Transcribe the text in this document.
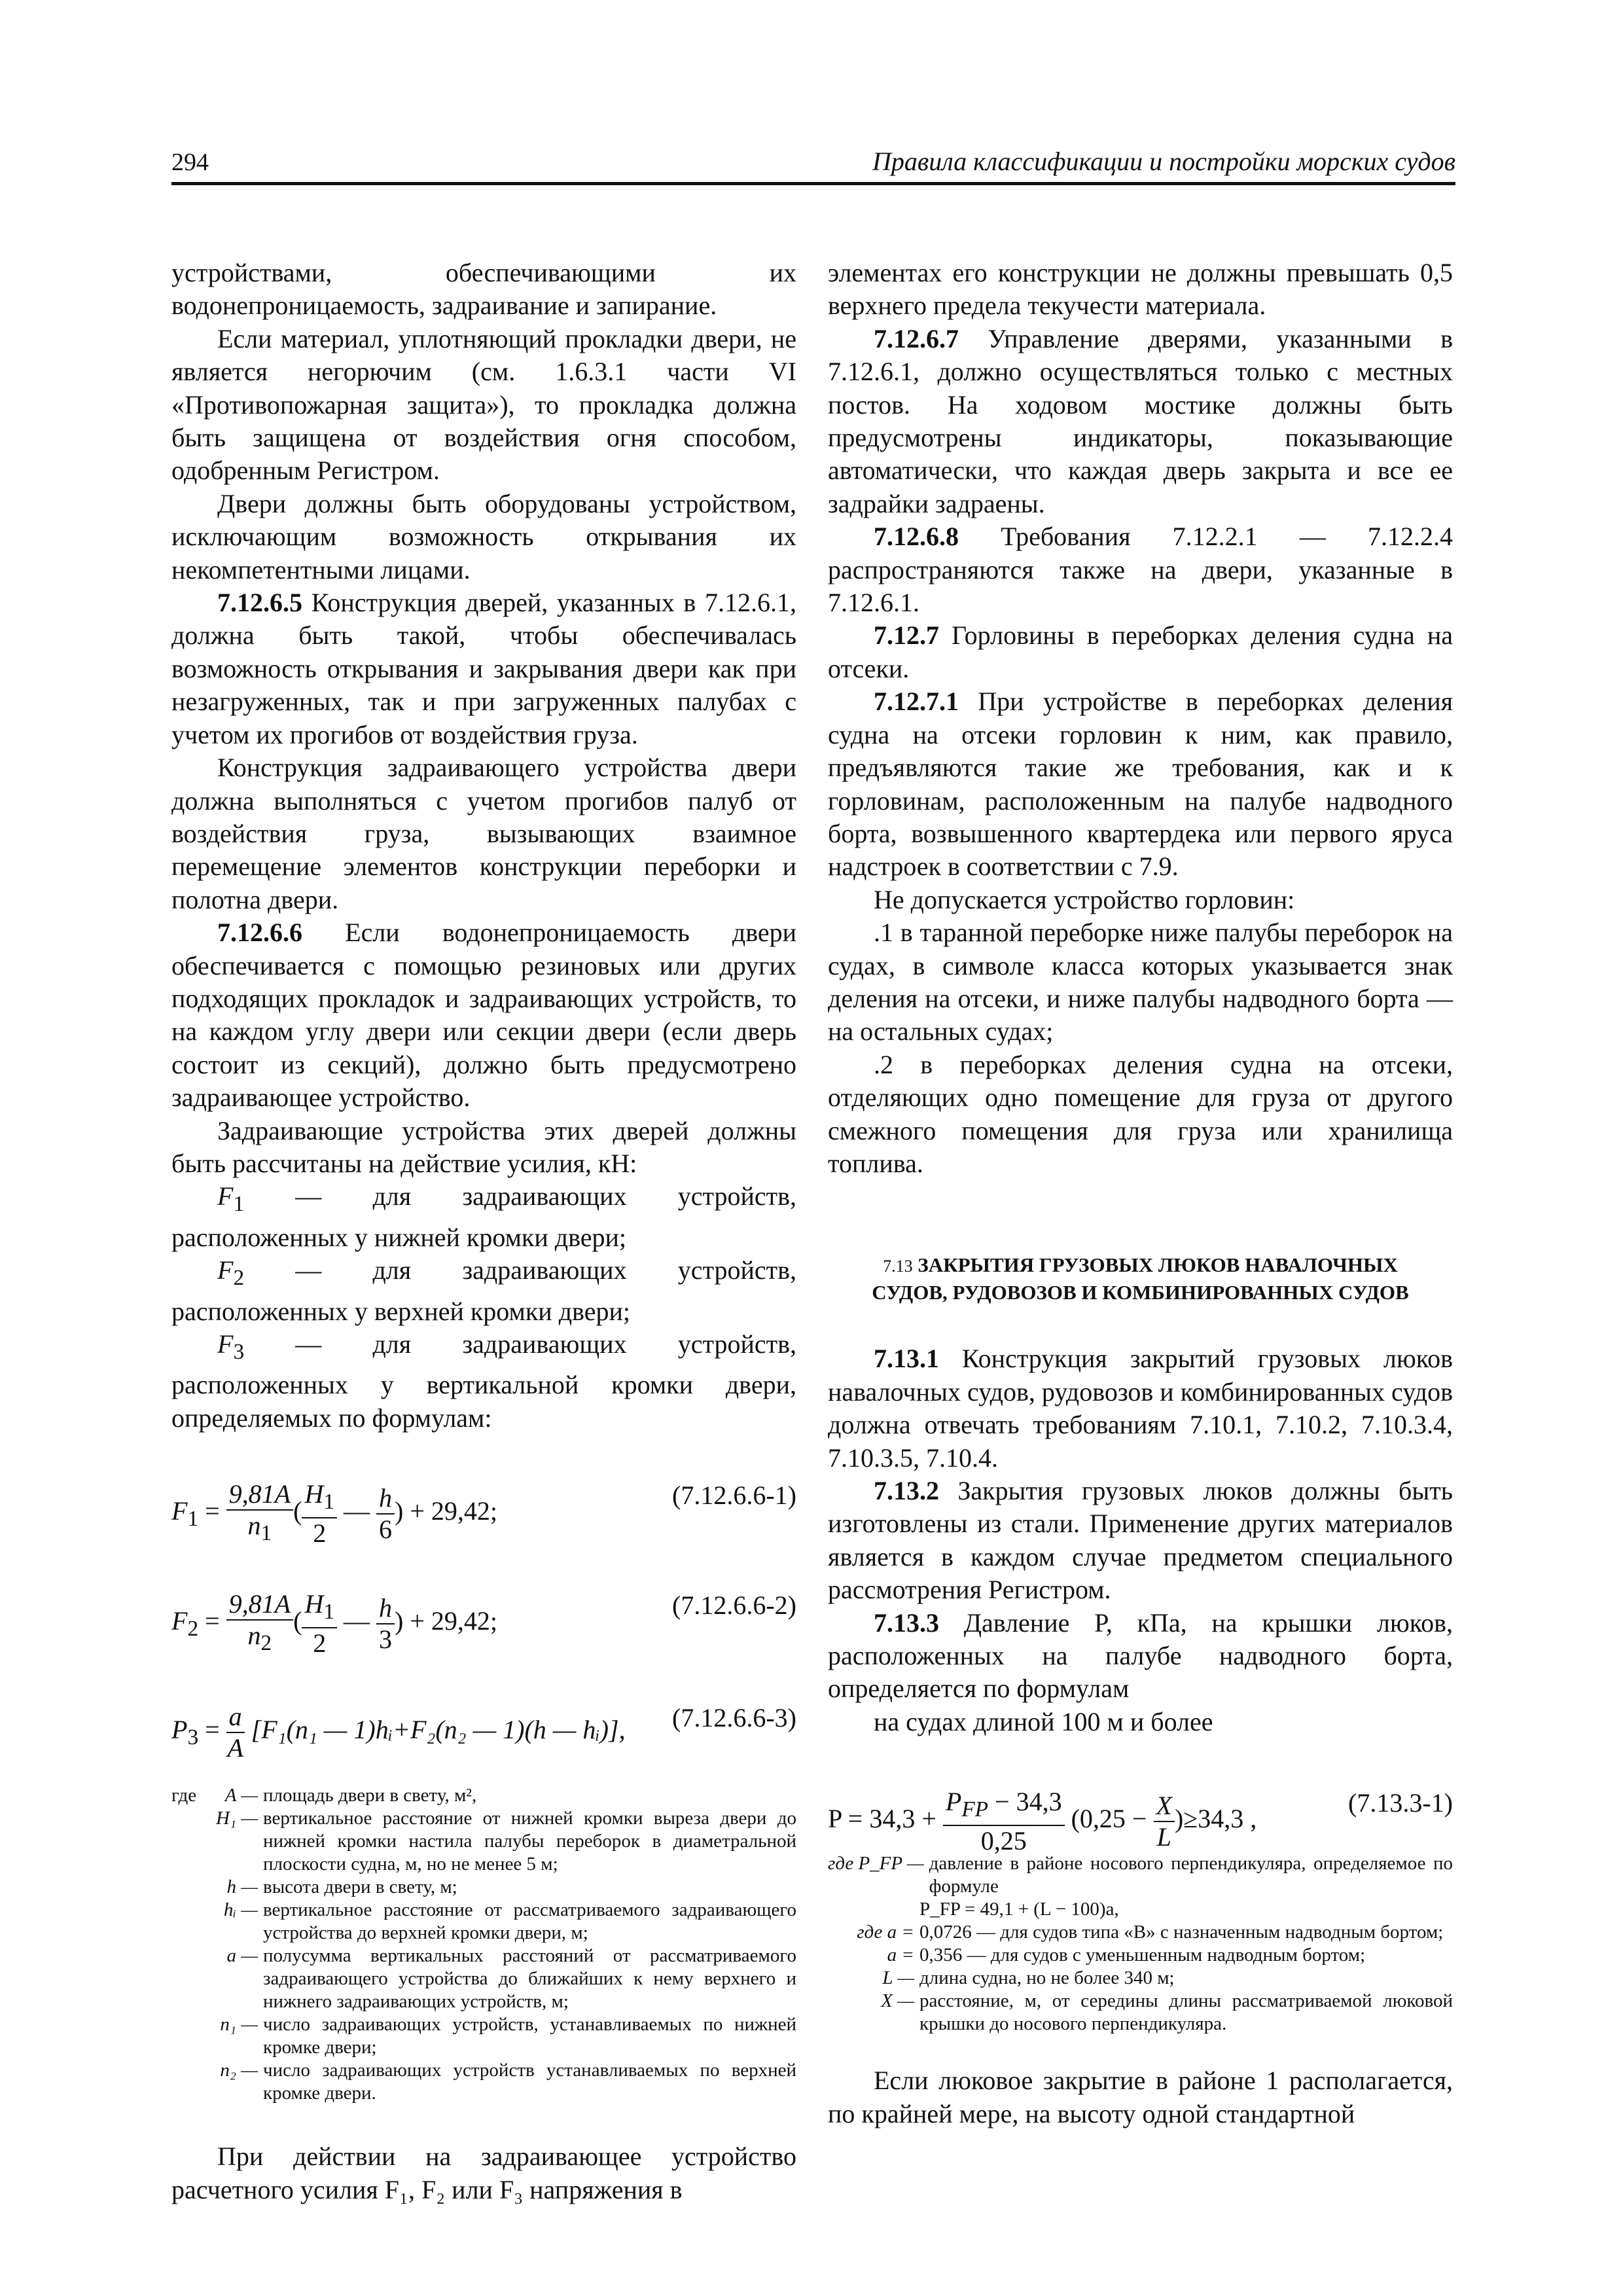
294	Правила классификации и постройки морских судов

устройствами, обеспечивающими их водонепроницаемость, задраивание и запирание.

Если материал, уплотняющий прокладки двери, не является негорючим (см. 1.6.3.1 части VI «Противопожарная защита»), то прокладка должна быть защищена от воздействия огня способом, одобренным Регистром.

Двери должны быть оборудованы устройством, исключающим возможность открывания их некомпетентными лицами.

7.12.6.5 Конструкция дверей, указанных в 7.12.6.1, должна быть такой, чтобы обеспечивалась возможность открывания и закрывания двери как при незагруженных, так и при загруженных палубах с учетом их прогибов от воздействия груза.

Конструкция задраивающего устройства двери должна выполняться с учетом прогибов палуб от воздействия груза, вызывающих взаимное перемещение элементов конструкции переборки и полотна двери.

7.12.6.6 Если водонепроницаемость двери обеспечивается с помощью резиновых или других подходящих прокладок и задраивающих устройств, то на каждом углу двери или секции двери (если дверь состоит из секций), должно быть предусмотрено задраивающее устройство.

Задраивающие устройства этих дверей должны быть рассчитаны на действие усилия, кН:

$F_1$ — для задраивающих устройств, расположенных у нижней кромки двери;

$F_2$ — для задраивающих устройств, расположенных у верхней кромки двери;

$F_3$ — для задраивающих устройств, расположенных у вертикальной кромки двери, определяемых по формулам:

$F_1 = \frac{9,81A}{n_1}$ ( $\frac{H_1}{2}$ — $\frac{h}{6}$ ) + 29,42;
(7.12.6.6-1)
$F_2 = \frac{9,81A}{n_2}$ ( $\frac{H_1}{2}$ — $\frac{h}{3}$ ) + 29,42;
(7.12.6.6-2)
$P_3 = \frac{a}{A} [F_1(n_1$ — 1)hᵢ+F₂(n₂ — 1)(h — hᵢ)], (7.12.6.6-3)
где	A — площадь двери в свету, м²,
H₁ — вертикальное расстояние от нижней кромки выреза двери до нижней кромки настила палубы переборок в диаметральной плоскости судна, м, но не менее 5 м;
h — высота двери в свету, м;
hᵢ — вертикальное расстояние от рассматриваемого задраивающего устройства до верхней кромки двери, м;
a — полусумма вертикальных расстояний от рассматриваемого задраивающего устройства до ближайших к нему верхнего и нижнего задраивающих устройств, м;
n₁ — число задраивающих устройств, устанавливаемых по нижней кромке двери;
n₂ — число задраивающих устройств устанавливаемых по верхней кромке двери.

При действии на задраивающее устройство расчетного усилия F₁, F₂ или F₃ напряжения в

элементах его конструкции не должны превышать 0,5 верхнего предела текучести материала.

7.12.6.7 Управление дверями, указанными в 7.12.6.1, должно осуществляться только с местных постов. На ходовом мостике должны быть предусмотрены индикаторы, показывающие автоматически, что каждая дверь закрыта и все ее задрайки задраены.

7.12.6.8 Требования 7.12.2.1 — 7.12.2.4 распространяются также на двери, указанные в 7.12.6.1.

7.12.7 Горловины в переборках деления судна на отсеки.

7.12.7.1 При устройстве в переборках деления судна на отсеки горловин к ним, как правило, предъявляются такие же требования, как и к горловинам, расположенным на палубе надводного борта, возвышенного квартердека или первого яруса надстроек в соответствии с 7.9.

Не допускается устройство горловин:

.1 в таранной переборке ниже палубы переборок на судах, в символе класса которых указывается знак деления на отсеки, и ниже палубы надводного борта — на остальных судах;

.2 в переборках деления судна на отсеки, отделяющих одно помещение для груза от другого смежного помещения для груза или хранилища топлива.

7.13 ЗАКРЫТИЯ ГРУЗОВЫХ ЛЮКОВ НАВАЛОЧНЫХ СУДОВ, РУДОВОЗОВ И КОМБИНИРОВАННЫХ СУДОВ

7.13.1 Конструкция закрытий грузовых люков навалочных судов, рудовозов и комбинированных судов должна отвечать требованиям 7.10.1, 7.10.2, 7.10.3.4, 7.10.3.5, 7.10.4.

7.13.2 Закрытия грузовых люков должны быть изготовлены из стали. Применение других материалов является в каждом случае предметом специального рассмотрения Регистром.

7.13.3 Давление P, кПа, на крышки люков, расположенных на палубе надводного борта, определяется по формулам

на судах длиной 100 м и более

$P = 34,3 + \frac{P_{FP} - 34,3}{0,25} (0,25 - \frac{X}{L} )\ge 34,3$ ,
(7.13.3-1)
где P_FP — давление в районе носового перпендикуляра, определяемое по формуле
P_FP = 49,1 + (L − 100)a,
где a = 0,0726 — для судов типа «B» с назначенным надводным бортом;
a = 0,356 — для судов с уменьшенным надводным бортом;
L — длина судна, но не более 340 м;
X — расстояние, м, от середины длины рассматриваемой люковой крышки до носового перпендикуляра.

Если люковое закрытие в районе 1 располагается, по крайней мере, на высоту одной стандартной
